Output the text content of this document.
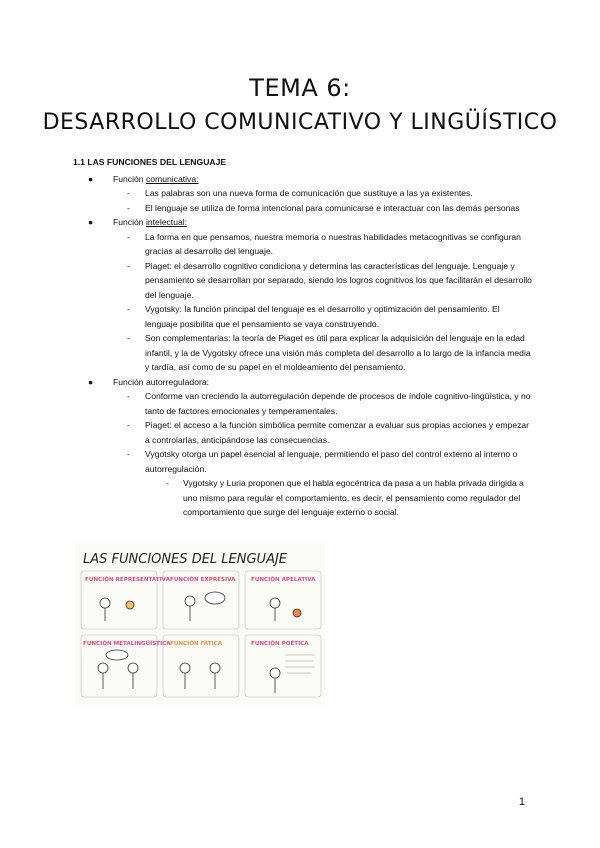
TEMA 6:
DESARROLLO COMUNICATIVO Y LINGÜÍSTICO
1.1 LAS FUNCIONES DEL LENGUAJE
● Función comunicativa:
- Las palabras son una nueva forma de comunicación que sustituye a las ya existentes.
- El lenguaje se utiliza de forma intencional para comunicarse e interactuar con las demás personas
● Función intelectual:
- La forma en que pensamos, nuestra memoria o nuestras habilidades metacognitivas se configuran gracias al desarrollo del lenguaje.
- Piaget: el desarrollo cognitivo condiciona y determina las características del lenguaje. Lenguaje y pensamiento se desarrollan por separado, siendo los logros cognitivos los que facilitarán el desarrollo del lenguaje.
- Vygotsky: la función principal del lenguaje es el desarrollo y optimización del pensamiento. El lenguaje posibilita que el pensamiento se vaya construyendo.
- Son complementarias: la teoría de Piaget es útil para explicar la adquisición del lenguaje en la edad infantil, y la de Vygotsky ofrece una visión más completa del desarrollo a lo largo de la infancia media y tardía, así como de su papel en el moldeamiento del pensamiento.
● Función autorreguladora:
- Conforme van creciendo la autorregulación depende de procesos de índole cognitivo-lingüística, y no tanto de factores emocionales y temperamentales.
- Piaget: el acceso a la función simbólica permite comenzar a evaluar sus propias acciones y empezar a controlarlas, anticipándose las consecuencias.
- Vygotsky otorga un papel esencial al lenguaje, permitiendo el paso del control externo al interno o autorregulación.
- Vygotsky y Luria proponen que el habla egocéntrica da pasa a un habla privada dirigida a uno mismo para regular el comportamiento, es decir, el pensamiento como regulador del comportamiento que surge del lenguaje externo o social.
LAS FUNCIONES DEL LENGUAJE
FUNCIÓN REPRESENTATIVA FUNCIÓN EXPRESIVA	FUNCIÓN APELATIVA
FUNCIÓN METALINGÜÍSTICA FUNCIÓN FÁTICA	FUNCIÓN POÉTICA
1
